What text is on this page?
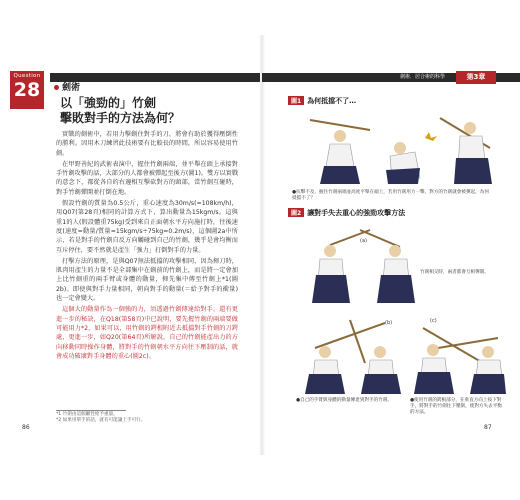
Question
28	劍術
劍術．居合術的科學	第3章
以「強勁的」竹劍
擊敗對手的方法為何？

實戰的劍術中，若用力擊劍住對手的刀，將會有助於獲得壓倒性的勝利。因用木刀練習此技術要有比較長的時間，所以容易使用竹劍。

在甲野善紀的武術表演中，握住竹劍兩端，並平舉在頭上承接對手竹劍攻擊的話，大部分的人都會被彈起至後方(圖1)。雙方以實戰的意念下，都從各自的右邊相互擊砍對方的頭部，當竹劍互碰時，對手竹劍彈開並打倒在地。

假設竹劍的質量為0.5公斤，重心速度為30m/s(=108km/h)，用Q07(第28頁)相同的計算方式下，算出動量為15kgm/s。這與重1的人(假設體重75kg)受到來自正面朝水平方向施打時，往後速度(速度=動量/質量=15kgm/s÷75kg=0.2m/s)，這個圖2a中所示，若是對手的竹劍自反方向觸碰到自己的竹劍，幾乎是會均衡而互斥停住，要不然就是產生「強力」打倒對手的力量。

打擊方法的原理，是與Q07無法抵擋的攻擊相同，因為揮刀時，肌肉用產生的力量不是全部集中在劍前的竹劍上，而是將一定會加上比竹劍重的兩手臂或身體的動量，揮先集中傳至竹劍上*1(圖2b)。即使與對手力量相同，朝向對手的動量(＝給予對手的衝量)也一定會變大。

這個大的動量作為一個強的力，須透過竹劍傳達給對手，還有更進一步的秘訣，在Q18(第58頁)中已說明，要先握竹劍的兩端要做可能用力*2，如果可以，用竹劍的鍔根附近去抵擋對手竹劍的刀鍔處，更進一步，如Q20(第64頁)所解說，自己的竹劍能產出力的方向移動同時操作身體，將對手的竹劍朝水平方向往下壓制的話，就會成功破壞對手身體的重心(圖2c)。

*1 竹劍由這個屬性給予重量。
*2 如果用單手的話，就有可能讓上手可行。
86	87
圖1 為何抵擋不了…
●抗擊不及，握住竹劍兩端並高度平舉在頭上，若用竹劍用力一擊，對方的竹劍就會被彈起，為何抵擋不了？
圖2 讓對手失去重心的強勁攻擊方法
(a)
竹劍相交時，兩者都會互相彈開。
(b)
●自己的手臂與身體的動量傳達到對手的竹劍。
(c)
●使用竹劍的鍔根部分，在垂直方向上按下對手，將對手的竹劍往下壓制，使對方失去平衡的方法。
